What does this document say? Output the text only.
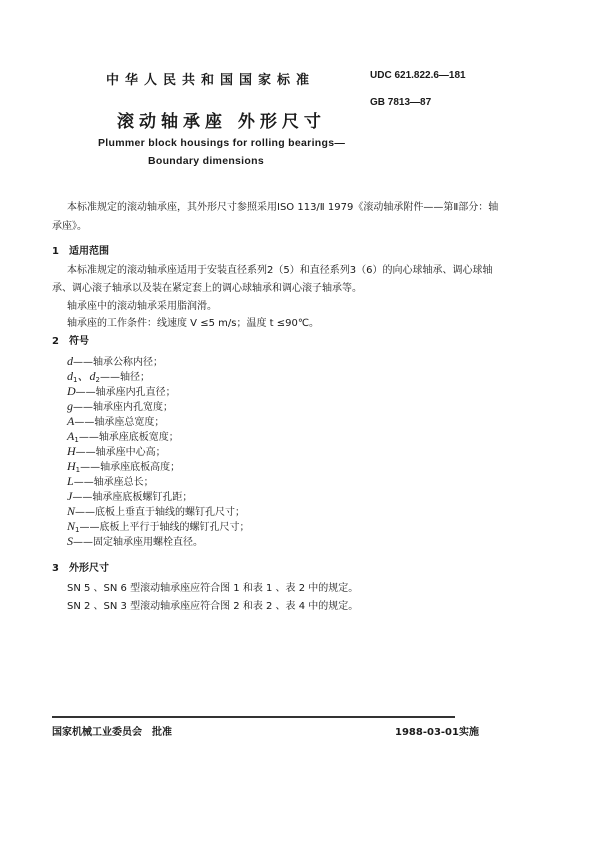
中华人民共和国国家标准	UDC 621.822.6—181
GB 7813—87
滚动轴承座 外形尺寸
Plummer block housings for rolling bearings—
Boundary dimensions
本标准规定的滚动轴承座，其外形尺寸参照采用ISO 113/Ⅱ 1979《滚动轴承附件——第Ⅱ部分：轴
承座》。
1　适用范围
本标准规定的滚动轴承座适用于安装直径系列2（5）和直径系列3（6）的向心球轴承、调心球轴
承、调心滚子轴承以及装在紧定套上的调心球轴承和调心滚子轴承等。
轴承座中的滚动轴承采用脂润滑。
轴承座的工作条件：线速度 V ≤5 m/s；温度 t ≤90℃。
2　符号
d——轴承公称内径；
$d_1$、$d_2——$轴径；
D——轴承座内孔直径；
g——轴承座内孔宽度；
A——轴承座总宽度；
$A_1——$轴承座底板宽度；
H——轴承座中心高；
$H_1——$轴承座底板高度；
L——轴承座总长；
J——轴承座底板螺钉孔距；
N——底板上垂直于轴线的螺钉孔尺寸；
$N_1——$底板上平行于轴线的螺钉孔尺寸；
S——固定轴承座用螺栓直径。
3　外形尺寸
SN 5 、SN 6 型滚动轴承座应符合图 1 和表 1 、表 2 中的规定。
SN 2 、SN 3 型滚动轴承座应符合图 2 和表 2 、表 4 中的规定。
国家机械工业委员会　批准	1988-03-01实施
